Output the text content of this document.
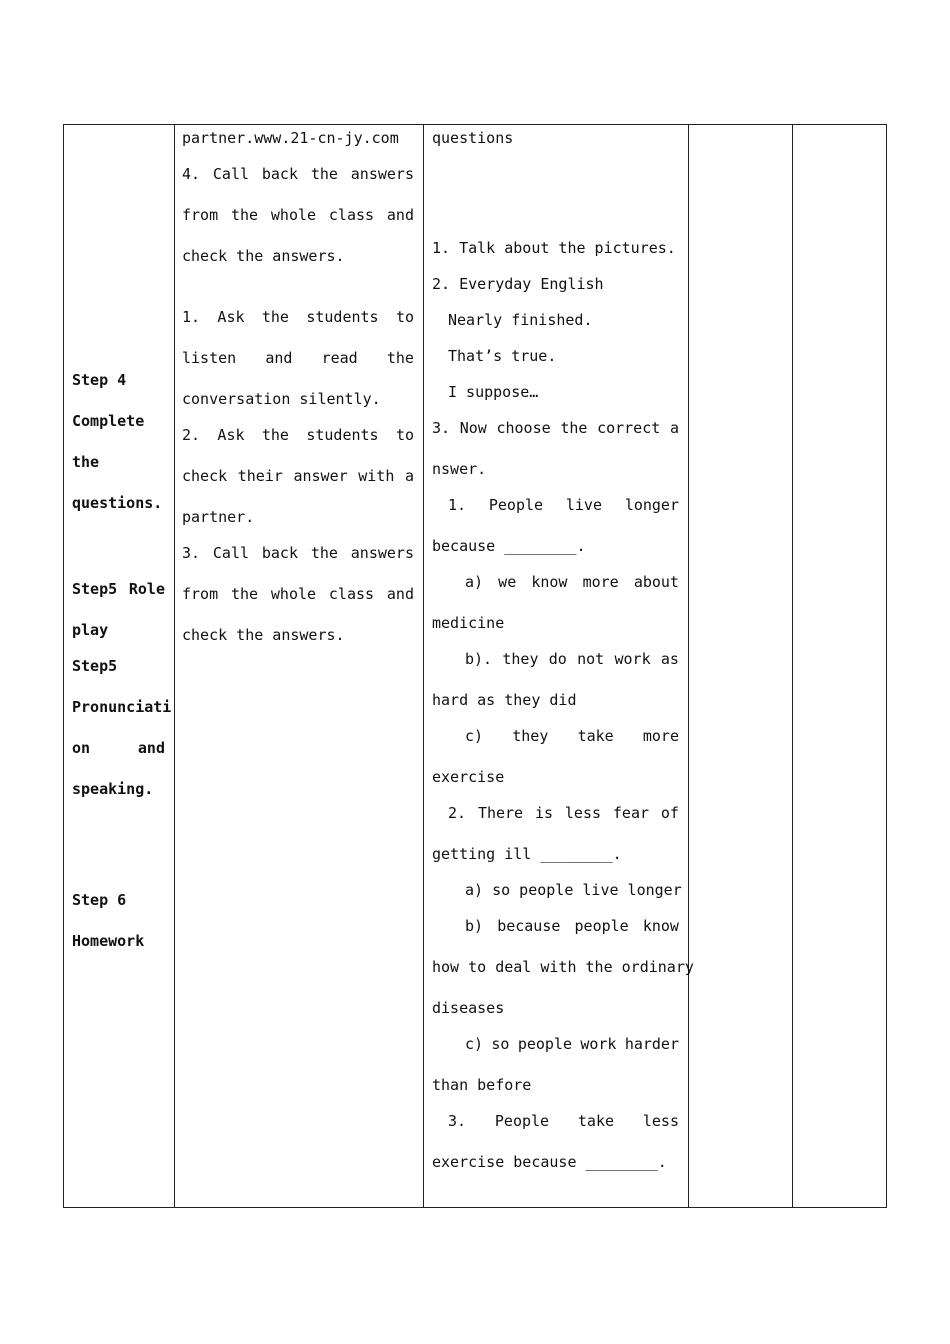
Step 4
Complete
the
questions.
Step5 Role
play
Step5
Pronunciati
on	and
speaking.
Step 6
Homework
partner.www.21-cn-jy.com
4. Call back the answers
from the whole class and
check the answers.
1. Ask the students to
listen and read the
conversation silently.
2. Ask the students to
check their answer with a
partner.
3. Call back the answers
from the whole class and
check the answers.
questions
1. Talk about the pictures.
2. Everyday English
Nearly finished.
That’s true.
I suppose…
3. Now choose the correct a
nswer.
1. People live longer
because ________.
a) we know more about
medicine
b). they do not work as
hard as they did
c) they take more
exercise
2. There is less fear of
getting ill ________.
a) so people live longer
b) because people know
how to deal with the ordinary
diseases
c) so people work harder
than before
3. People take less
exercise because ________.
